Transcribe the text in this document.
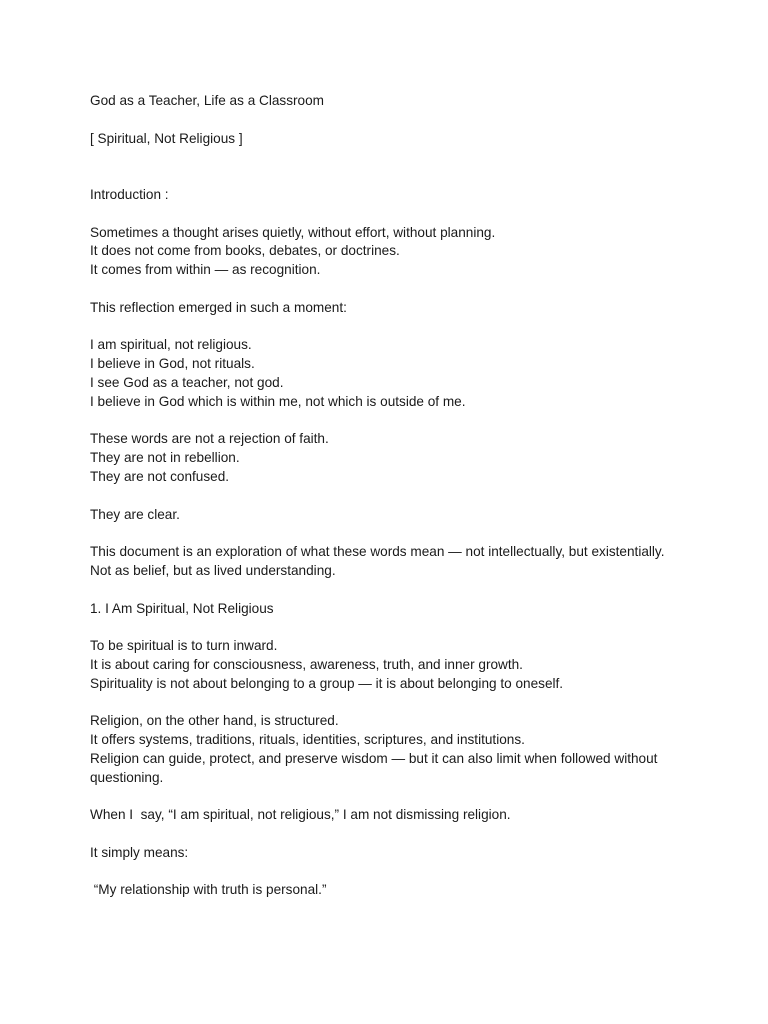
God as a Teacher, Life as a Classroom
[ Spiritual, Not Religious ]
Introduction :
Sometimes a thought arises quietly, without effort, without planning.
It does not come from books, debates, or doctrines.
It comes from within — as recognition.
This reflection emerged in such a moment:
I am spiritual, not religious.
I believe in God, not rituals.
I see God as a teacher, not god.
I believe in God which is within me, not which is outside of me.
These words are not a rejection of faith.
They are not in rebellion.
They are not confused.
They are clear.
This document is an exploration of what these words mean — not intellectually, but existentially.
Not as belief, but as lived understanding.
1. I Am Spiritual, Not Religious
To be spiritual is to turn inward.
It is about caring for consciousness, awareness, truth, and inner growth.
Spirituality is not about belonging to a group — it is about belonging to oneself.
Religion, on the other hand, is structured.
It offers systems, traditions, rituals, identities, scriptures, and institutions.
Religion can guide, protect, and preserve wisdom — but it can also limit when followed without
questioning.
When I  say, “I am spiritual, not religious,” I am not dismissing religion.
It simply means:
“My relationship with truth is personal.”
